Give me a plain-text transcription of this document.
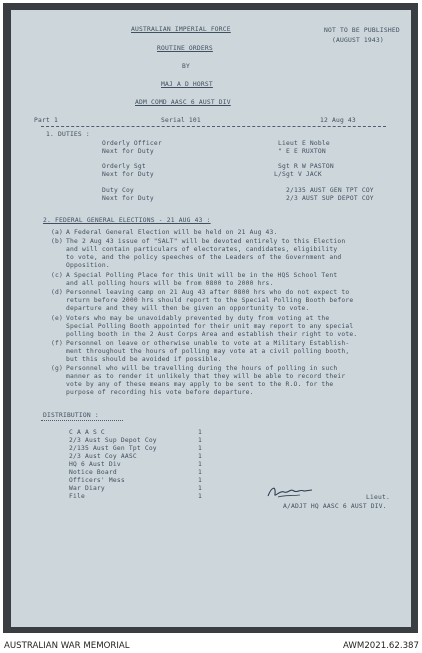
AUSTRALIAN IMPERIAL FORCE
ROUTINE ORDERS
BY
MAJ A D HORST
ADM COMD AASC 6 AUST DIV
NOT TO BE PUBLISHED
(AUGUST 1943)
Part 1	Serial 101	12 Aug 43
1. DUTIES :
Orderly Officer	Lieut E Noble
Next for Duty	" E E RUXTON
Orderly Sgt	Sgt R W PASTON
Next for Duty	L/Sgt V JACK
Duty Coy	2/135 AUST GEN TPT COY
Next for Duty	2/3 AUST SUP DEPOT COY
2. FEDERAL GENERAL ELECTIONS - 21 AUG 43 :
(a) A Federal General Election will be held on 21 Aug 43.
(b) The 2 Aug 43 issue of "SALT" will be devoted entirely to this Election
and will contain particulars of electorates, candidates, eligibility
to vote, and the policy speeches of the Leaders of the Government and
Opposition.
(c) A Special Polling Place for this Unit will be in the HQS School Tent
and all polling hours will be from 0800 to 2000 hrs.
(d) Personnel leaving camp on 21 Aug 43 after 0800 hrs who do not expect to
return before 2000 hrs should report to the Special Polling Booth before
departure and they will then be given an opportunity to vote.
(e) Voters who may be unavoidably prevented by duty from voting at the
Special Polling Booth appointed for their unit may report to any special
polling booth in the 2 Aust Corps Area and establish their right to vote.
(f) Personnel on leave or otherwise unable to vote at a Military Establish-
ment throughout the hours of polling may vote at a civil polling booth,
but this should be avoided if possible.
(g) Personnel who will be travelling during the hours of polling in such
manner as to render it unlikely that they will be able to record their
vote by any of these means may apply to be sent to the R.O. for the
purpose of recording his vote before departure.
DISTRIBUTION :
C A A S C	1
2/3 Aust Sup Depot Coy	1
2/135 Aust Gen Tpt Coy	1
2/3 Aust Coy AASC	1
HQ 6 Aust Div	1
Notice Board	1
Officers' Mess	1
War Diary	1
File	1	Lieut.
A/ADJT HQ AASC 6 AUST DIV.
AUSTRALIAN WAR MEMORIAL	AWM2021.62.387
